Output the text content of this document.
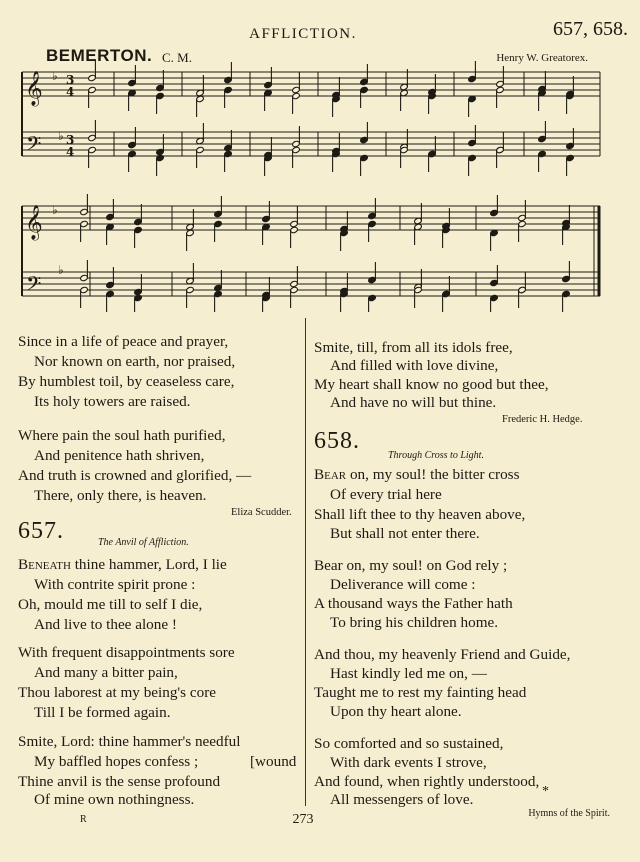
AFFLICTION.	657, 658.
BEMERTON. C. M.	Henry W. Greatorex.
𝄞
𝄢
𝄞
𝄢
♭
♭
♭
♭
3
4
3
4
Since in a life of peace and prayer,
Nor known on earth, nor praised,
By humblest toil, by ceaseless care,
Its holy towers are raised.
Where pain the soul hath purified,
And penitence hath shriven,
And truth is crowned and glorified, —
There, only there, is heaven.
Eliza Scudder.
657.	The Anvil of Affliction.
Beneath thine hammer, Lord, I lie
With contrite spirit prone :
Oh, mould me till to self I die,
And live to thee alone !
With frequent disappointments sore
And many a bitter pain,
Thou laborest at my being's core
Till I be formed again.
Smite, Lord: thine hammer's needful
My baffled hopes confess ;	[wound
Thine anvil is the sense profound
Of mine own nothingness.
Smite, till, from all its idols free,
And filled with love divine,
My heart shall know no good but thee,
And have no will but thine.
Frederic H. Hedge.
658.
Through Cross to Light.
Bear on, my soul! the bitter cross
Of every trial here
Shall lift thee to thy heaven above,
But shall not enter there.
Bear on, my soul! on God rely ;
Deliverance will come :
A thousand ways the Father hath
To bring his children home.
And thou, my heavenly Friend and Guide,
Hast kindly led me on, —
Taught me to rest my fainting head
Upon thy heart alone.
So comforted and so sustained,
With dark events I strove,
And found, when rightly understood,
All messengers of love.	*
R	273	Hymns of the Spirit.
